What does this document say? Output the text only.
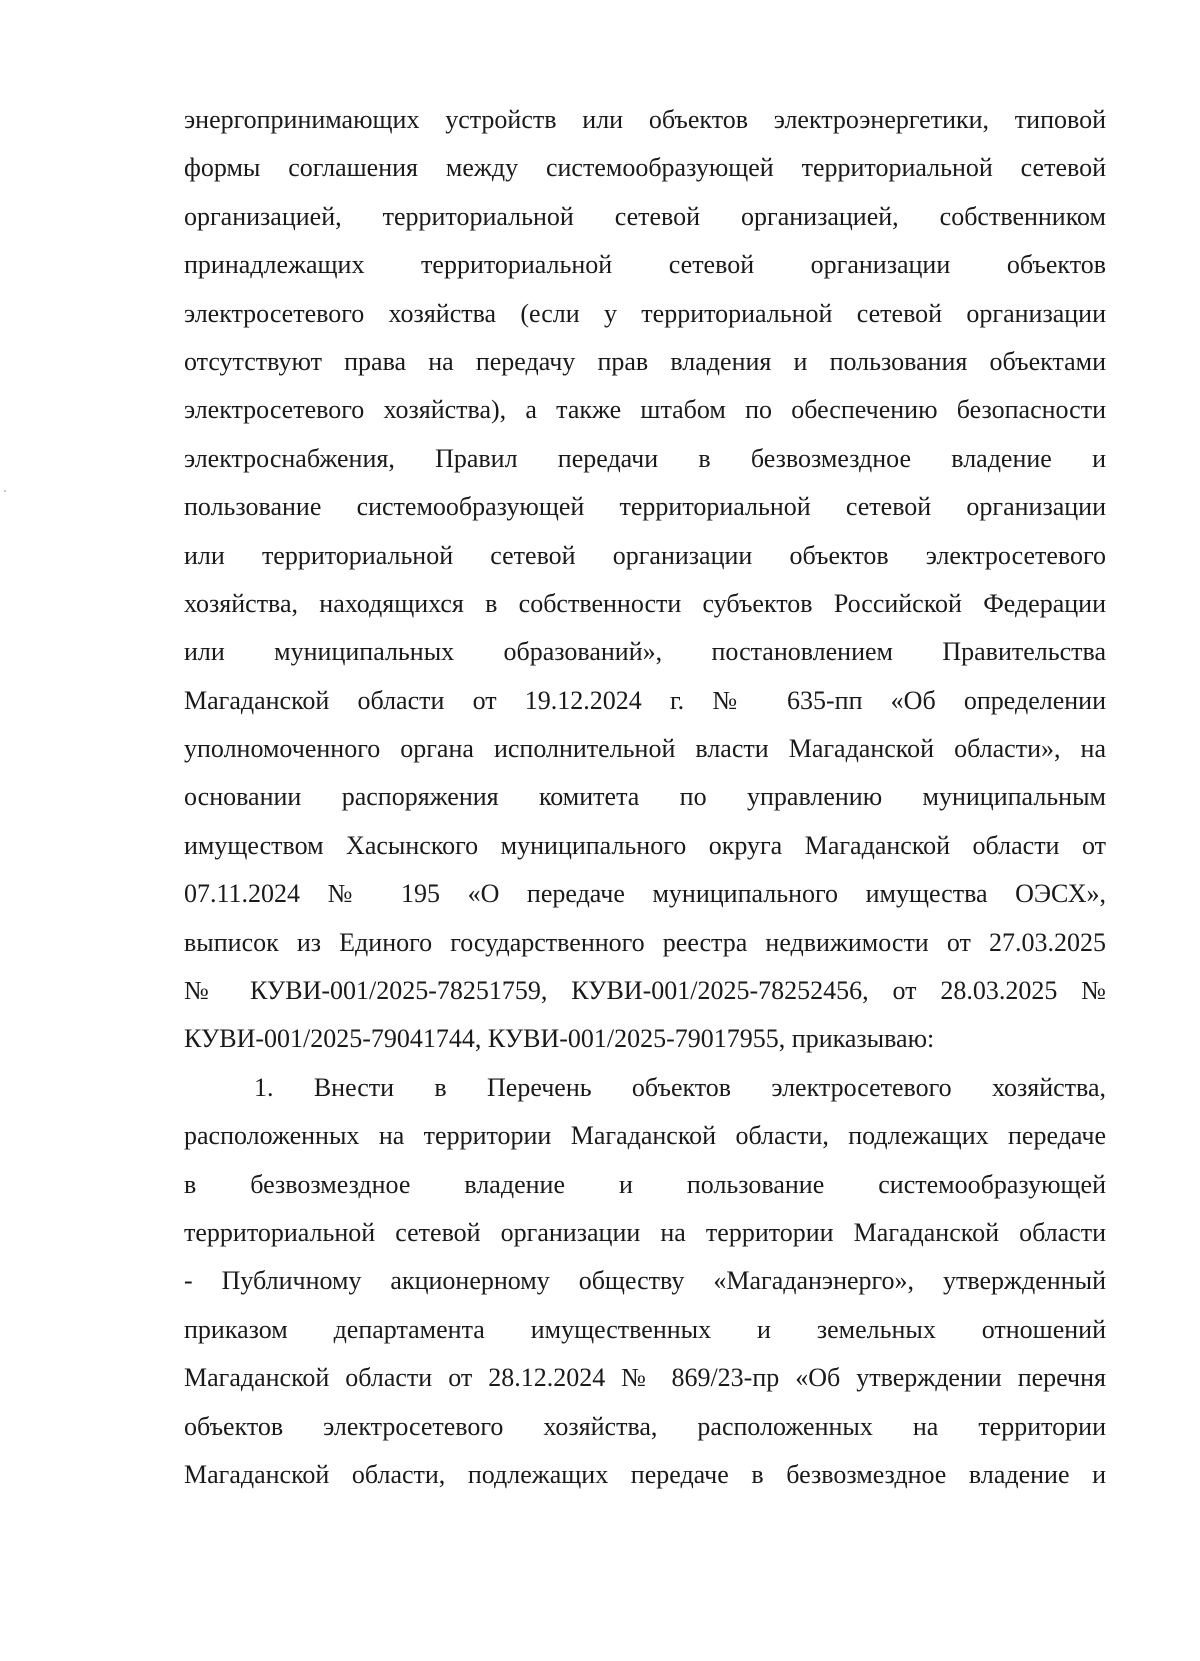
энергопринимающих устройств или объектов электроэнергетики, типовой
формы соглашения между системообразующей территориальной сетевой
организацией, территориальной сетевой организацией, собственником
принадлежащих территориальной сетевой организации объектов
электросетевого хозяйства (если у территориальной сетевой организации
отсутствуют права на передачу прав владения и пользования объектами
электросетевого хозяйства), а также штабом по обеспечению безопасности
электроснабжения, Правил передачи в безвозмездное владение и
пользование системообразующей территориальной сетевой организации
или территориальной сетевой организации объектов электросетевого
хозяйства, находящихся в собственности субъектов Российской Федерации
или муниципальных образований», постановлением Правительства
Магаданской области от 19.12.2024 г. № 635-пп «Об определении
уполномоченного органа исполнительной власти Магаданской области», на
основании распоряжения комитета по управлению муниципальным
имуществом Хасынского муниципального округа Магаданской области от
07.11.2024 № 195 «О передаче муниципального имущества ОЭСХ»,
выписок из Единого государственного реестра недвижимости от 27.03.2025
№ КУВИ-001/2025-78251759, КУВИ-001/2025-78252456, от 28.03.2025 №
КУВИ-001/2025-79041744, КУВИ-001/2025-79017955, приказываю:
1. Внести в Перечень объектов электросетевого хозяйства,
расположенных на территории Магаданской области, подлежащих передаче
в безвозмездное владение и пользование системообразующей
территориальной сетевой организации на территории Магаданской области
- Публичному акционерному обществу «Магаданэнерго», утвержденный
приказом департамента имущественных и земельных отношений
Магаданской области от 28.12.2024 № 869/23-пр «Об утверждении перечня
объектов электросетевого хозяйства, расположенных на территории
Магаданской области, подлежащих передаче в безвозмездное владение и
